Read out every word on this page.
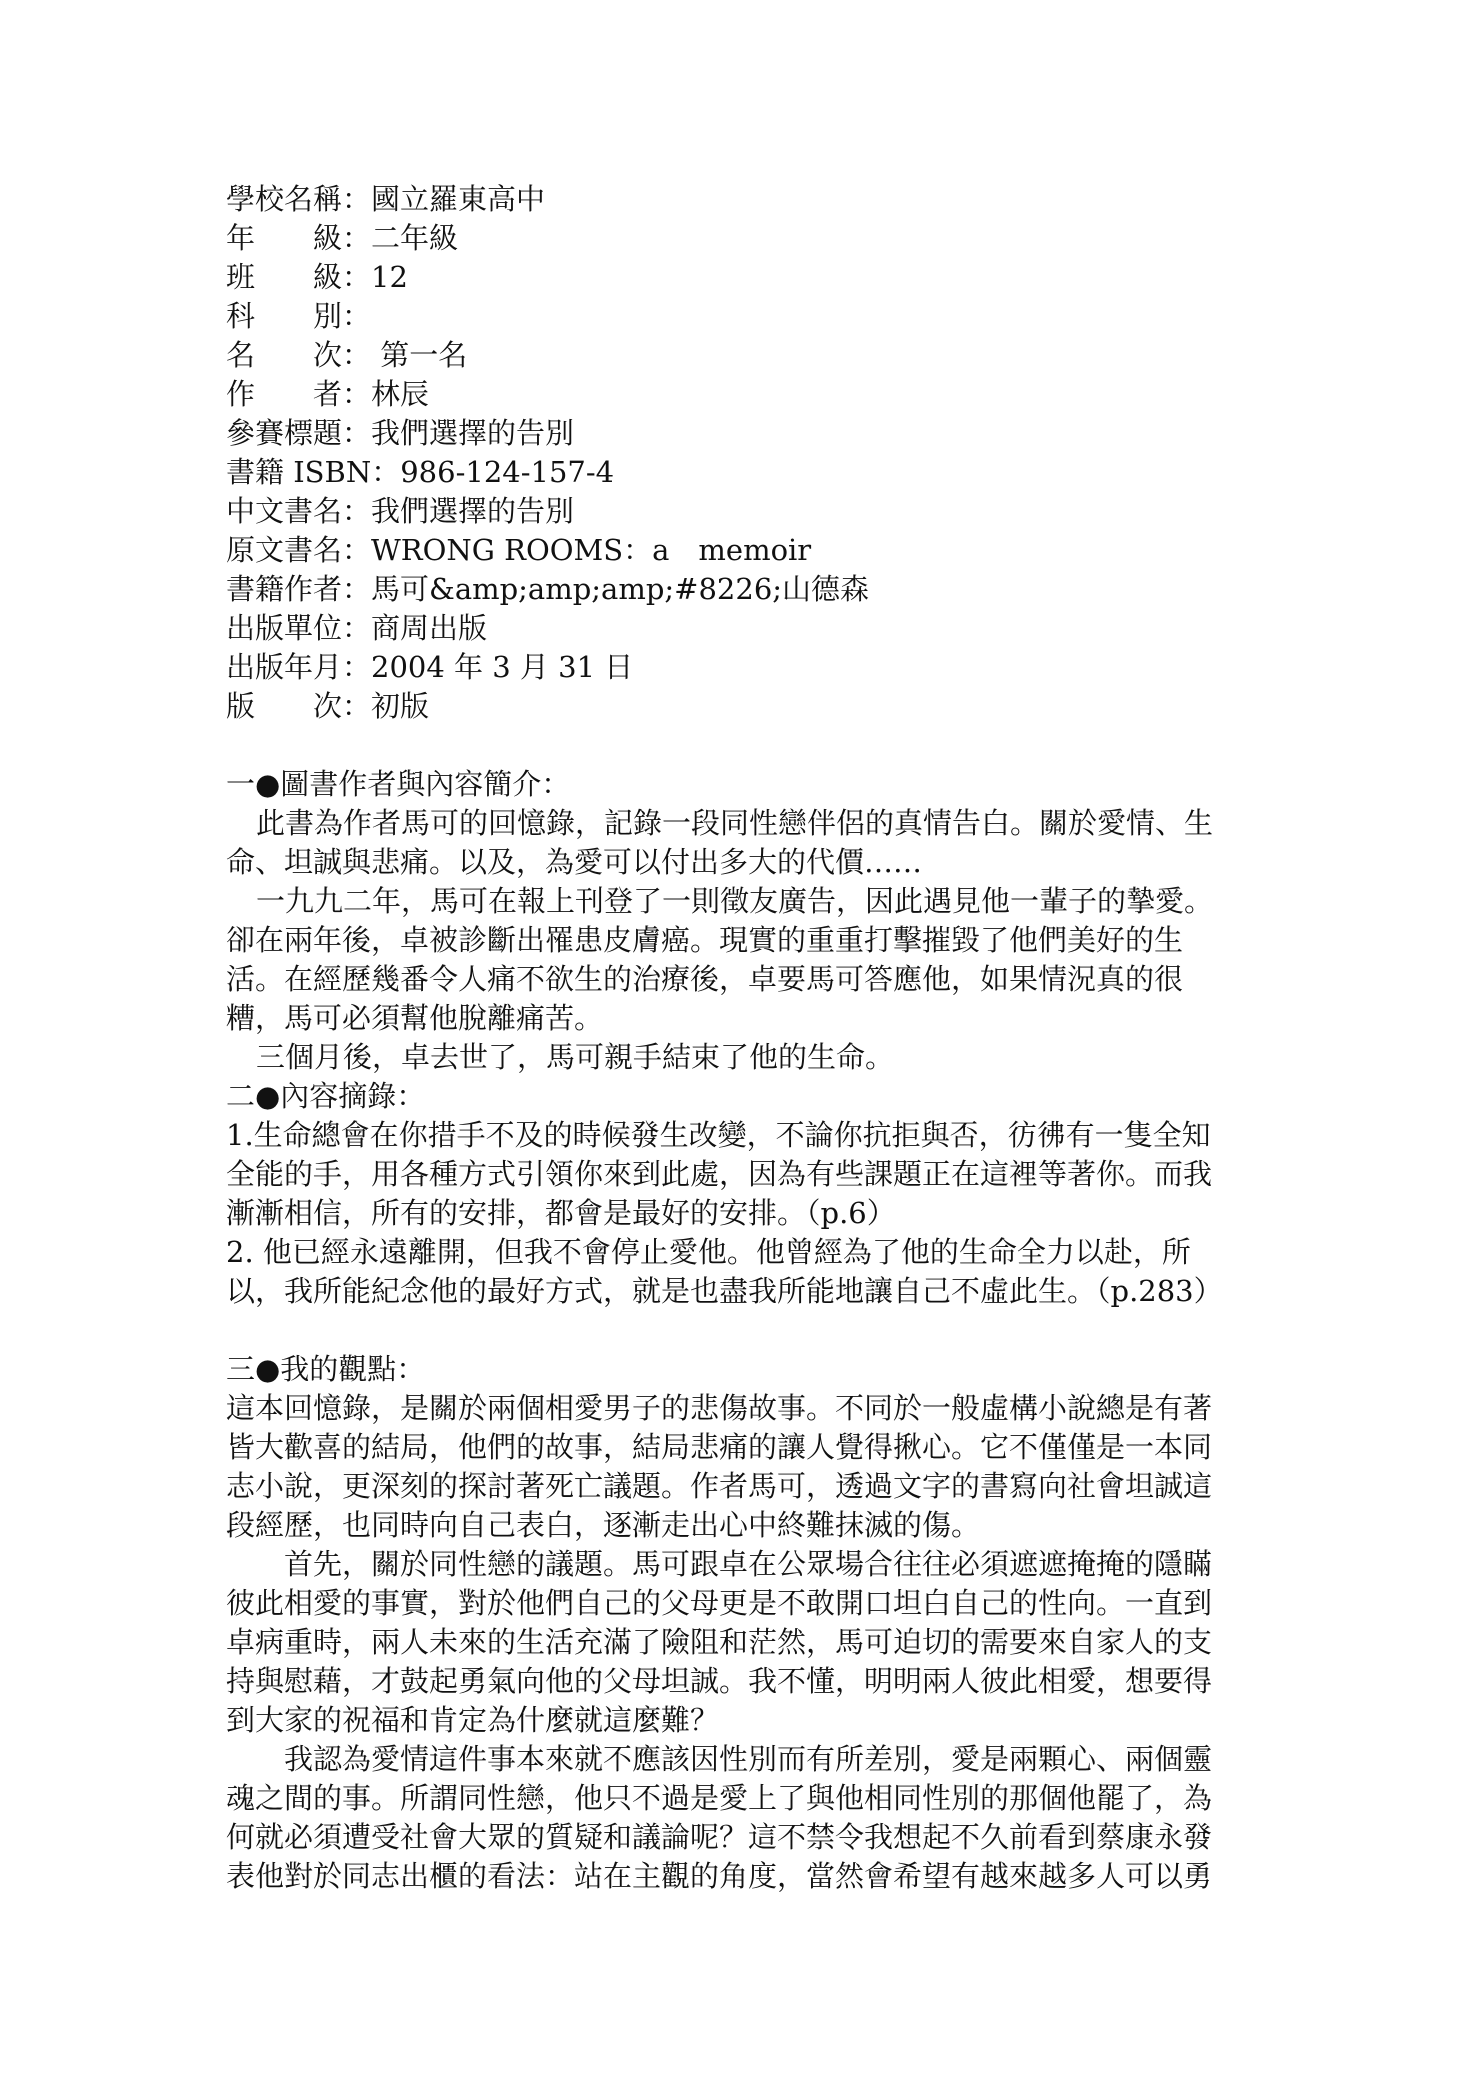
學校名稱：國立羅東高中
年　　級：二年級
班　　級：12
科　　別：
名　　次： 第一名
作　　者：林辰
參賽標題：我們選擇的告別
書籍 ISBN：986-124-157-4
中文書名：我們選擇的告別
原文書名：WRONG ROOMS：a　memoir
書籍作者：馬可&amp;amp;amp;#8226;山德森
出版單位：商周出版
出版年月：2004 年 3 月 31 日
版　　次：初版
一●圖書作者與內容簡介：
此書為作者馬可的回憶錄，記錄一段同性戀伴侶的真情告白。關於愛情、生
命、坦誠與悲痛。以及，為愛可以付出多大的代價……
一九九二年，馬可在報上刊登了一則徵友廣告，因此遇見他一輩子的摯愛。
卻在兩年後，卓被診斷出罹患皮膚癌。現實的重重打擊摧毀了他們美好的生
活。在經歷幾番令人痛不欲生的治療後，卓要馬可答應他，如果情況真的很
糟，馬可必須幫他脫離痛苦。
三個月後，卓去世了，馬可親手結束了他的生命。
二●內容摘錄：
1.生命總會在你措手不及的時候發生改變，不論你抗拒與否，彷彿有一隻全知
全能的手，用各種方式引領你來到此處，因為有些課題正在這裡等著你。而我
漸漸相信，所有的安排，都會是最好的安排。（p.6）
2. 他已經永遠離開，但我不會停止愛他。他曾經為了他的生命全力以赴，所
以，我所能紀念他的最好方式，就是也盡我所能地讓自己不虛此生。（p.283）
三●我的觀點：
這本回憶錄，是關於兩個相愛男子的悲傷故事。不同於一般虛構小說總是有著
皆大歡喜的結局，他們的故事，結局悲痛的讓人覺得揪心。它不僅僅是一本同
志小說，更深刻的探討著死亡議題。作者馬可，透過文字的書寫向社會坦誠這
段經歷，也同時向自己表白，逐漸走出心中終難抹滅的傷。
首先，關於同性戀的議題。馬可跟卓在公眾場合往往必須遮遮掩掩的隱瞞
彼此相愛的事實，對於他們自己的父母更是不敢開口坦白自己的性向。一直到
卓病重時，兩人未來的生活充滿了險阻和茫然，馬可迫切的需要來自家人的支
持與慰藉，才鼓起勇氣向他的父母坦誠。我不懂，明明兩人彼此相愛，想要得
到大家的祝福和肯定為什麼就這麼難？
我認為愛情這件事本來就不應該因性別而有所差別，愛是兩顆心、兩個靈
魂之間的事。所謂同性戀，他只不過是愛上了與他相同性別的那個他罷了，為
何就必須遭受社會大眾的質疑和議論呢？這不禁令我想起不久前看到蔡康永發
表他對於同志出櫃的看法：站在主觀的角度，當然會希望有越來越多人可以勇
